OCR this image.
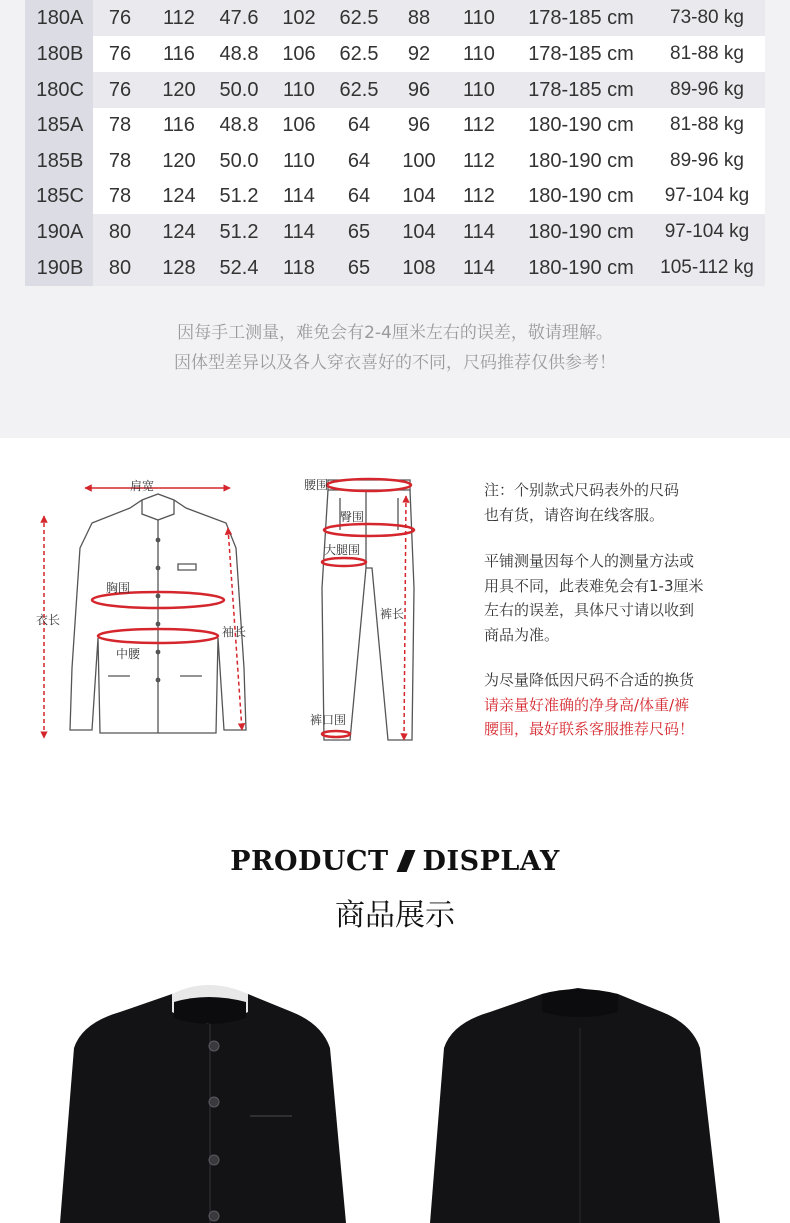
180A	76	112	47.6	102	62.5	88	110	178-185 cm	73-80 kg
180B	76	116	48.8	106	62.5	92	110	178-185 cm	81-88 kg
180C	76	120	50.0	110	62.5	96	110	178-185 cm	89-96 kg
185A	78	116	48.8	106	64	96	112	180-190 cm	81-88 kg
185B	78	120	50.0	110	64	100	112	180-190 cm	89-96 kg
185C	78	124	51.2	114	64	104	112	180-190 cm	97-104 kg
190A	80	124	51.2	114	65	104	114	180-190 cm	97-104 kg
190B	80	128	52.4	118	65	108	114	180-190 cm	105-112 kg
因每手工测量，难免会有2-4厘米左右的误差，敬请理解。
因体型差异以及各人穿衣喜好的不同，尺码推荐仅供参考！
肩宽
胸围
衣长
袖长
中腰
腰围
臀围
大腿围
裤长
裤口围
注：个别款式尺码表外的尺码
也有货，请咨询在线客服。
平铺测量因每个人的测量方法或
用具不同，此表难免会有1-3厘米
左右的误差，具体尺寸请以收到
商品为准。
为尽量降低因尺码不合适的换货
请亲量好准确的净身高/体重/裤
腰围，最好联系客服推荐尺码！
PRODUCT DISPLAY
商品展示
